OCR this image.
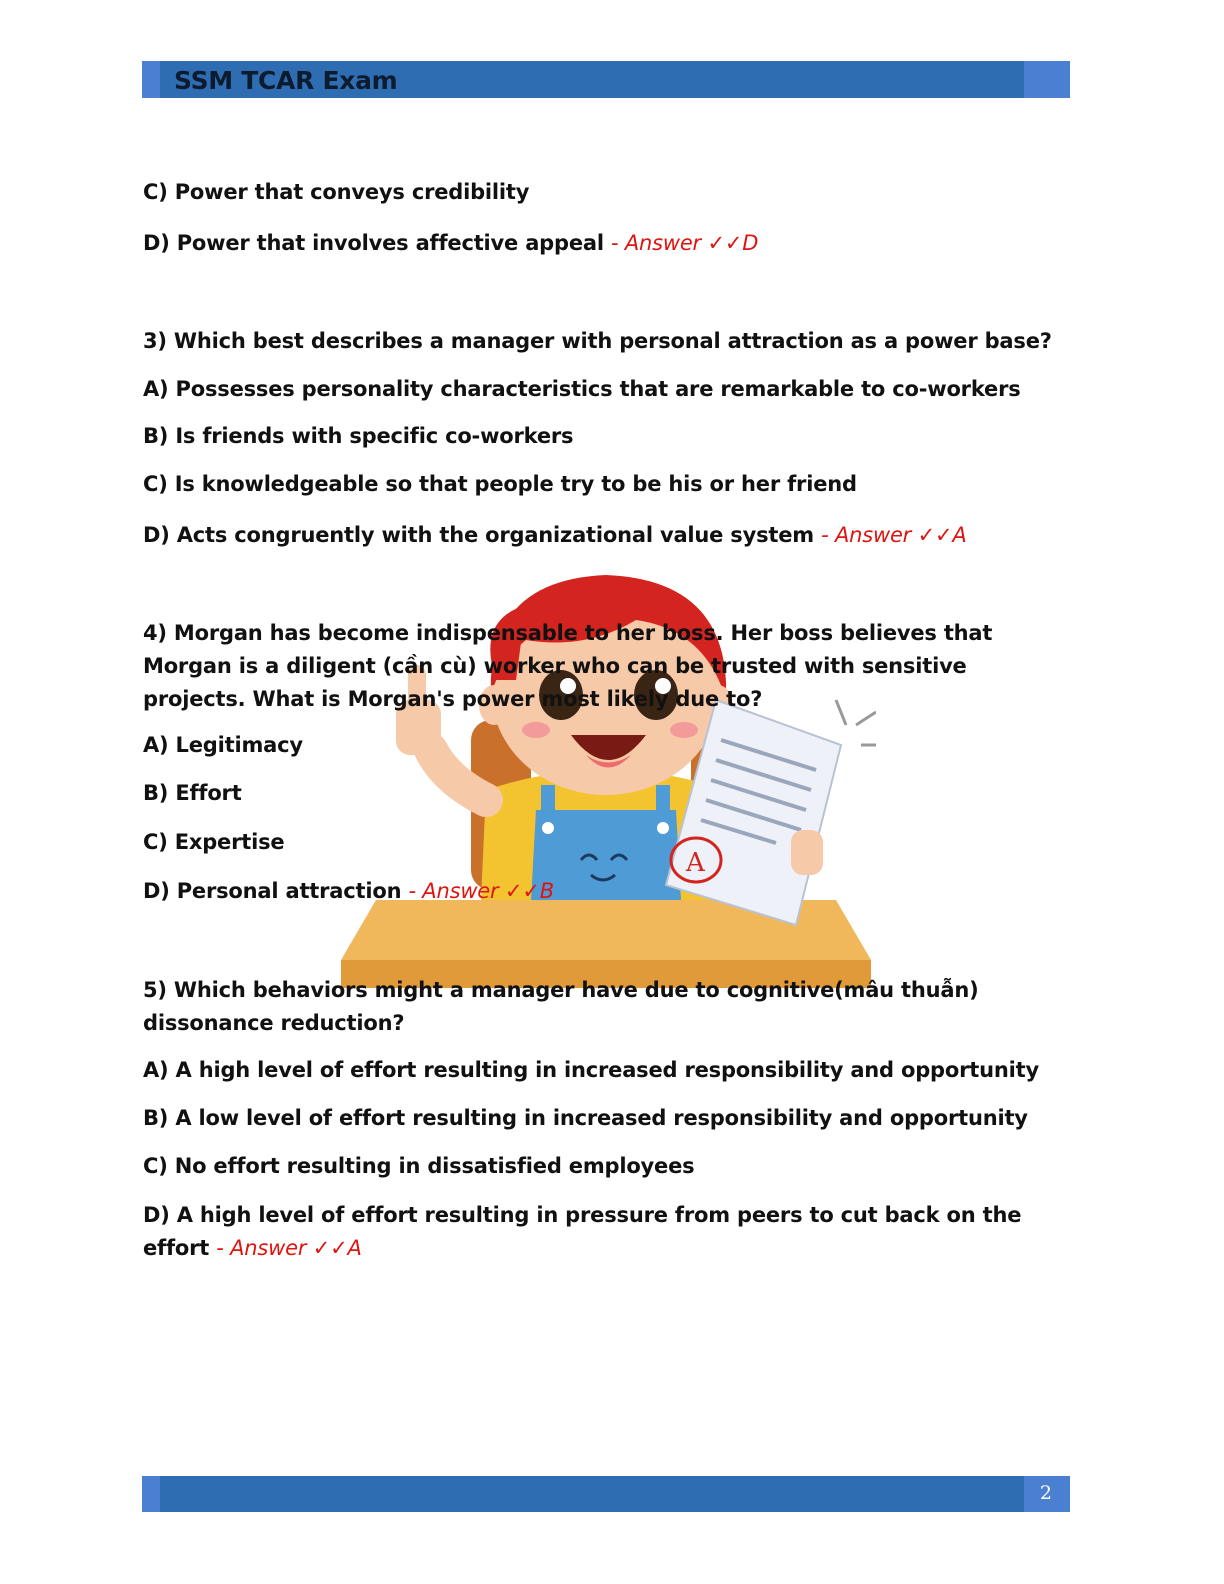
SSM TCAR Exam
A
C) Power that conveys credibility
D) Power that involves affective appeal - Answer ✓✓D
3) Which best describes a manager with personal attraction as a power base?
A) Possesses personality characteristics that are remarkable to co-workers
B) Is friends with specific co-workers
C) Is knowledgeable so that people try to be his or her friend
D) Acts congruently with the organizational value system - Answer ✓✓A
4) Morgan has become indispensable to her boss. Her boss believes that Morgan is a diligent (cần cù) worker who can be trusted with sensitive projects. What is Morgan's power most likely due to?
A) Legitimacy
B) Effort
C) Expertise
D) Personal attraction - Answer ✓✓B
5) Which behaviors might a manager have due to cognitive(mâu thuẫn) dissonance reduction?
A) A high level of effort resulting in increased responsibility and opportunity
B) A low level of effort resulting in increased responsibility and opportunity
C) No effort resulting in dissatisfied employees
D) A high level of effort resulting in pressure from peers to cut back on the effort - Answer ✓✓A
2
